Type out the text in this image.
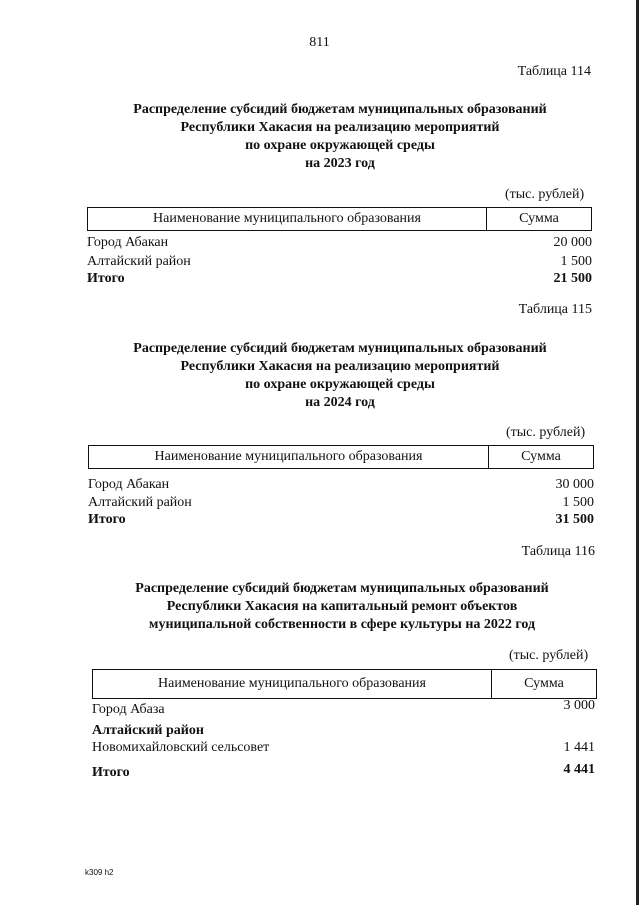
811
Таблица 114
Распределение субсидий бюджетам муниципальных образований
Республики Хакасия на реализацию мероприятий
по охране окружающей среды
на 2023 год
(тыс. рублей)
Наименование муниципального образования	Сумма
Город Абакан	20 000
Алтайский район	1 500
Итого	21 500
Таблица 115
Распределение субсидий бюджетам муниципальных образований
Республики Хакасия на реализацию мероприятий
по охране окружающей среды
на 2024 год
(тыс. рублей)
Наименование муниципального образования	Сумма
Город Абакан	30 000
Алтайский район	1 500
Итого	31 500
Таблица 116
Распределение субсидий бюджетам муниципальных образований
Республики Хакасия на капитальный ремонт объектов
муниципальной собственности в сфере культуры на 2022 год
(тыс. рублей)
Наименование муниципального образования	Сумма
Город Абаза	3 000
Алтайский район
Новомихайловский сельсовет	1 441
Итого	4 441
k309 h2
